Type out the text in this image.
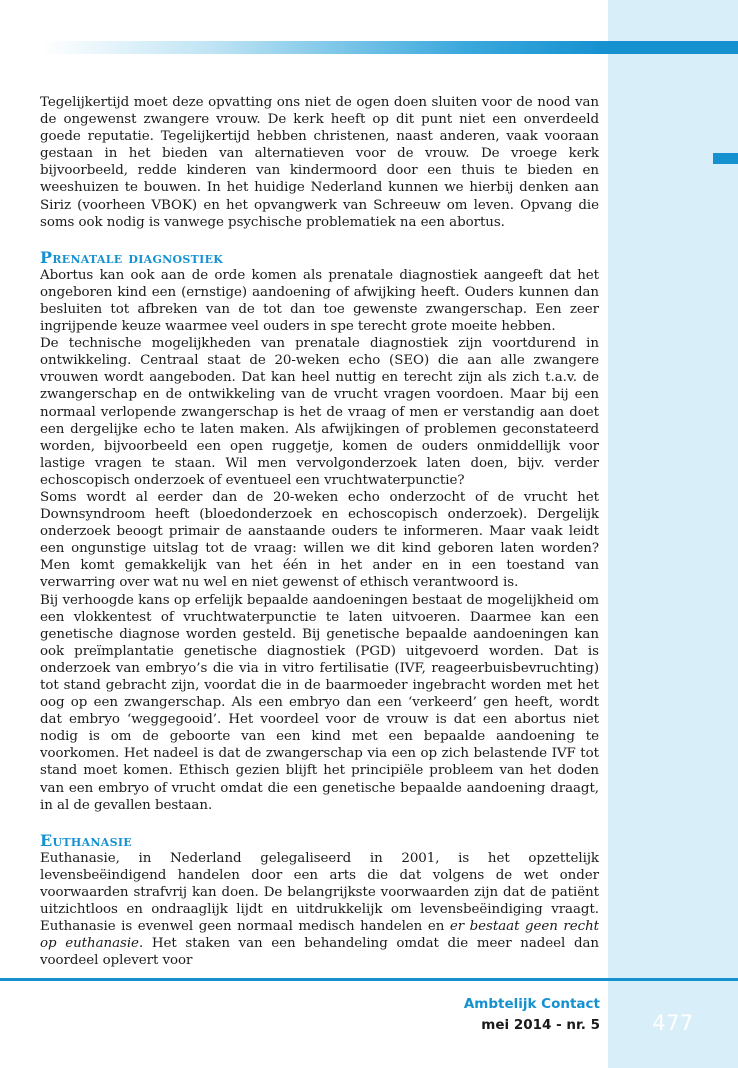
Tegelijkertijd moet deze opvatting ons niet de ogen doen sluiten voor de nood van de ongewenst zwangere vrouw. De kerk heeft op dit punt niet een onverdeeld goede reputatie. Tegelijkertijd hebben christenen, naast anderen, vaak vooraan gestaan in het bieden van alternatieven voor de vrouw. De vroege kerk bijvoorbeeld, redde kinderen van kindermoord door een thuis te bieden en weeshuizen te bouwen. In het huidige Nederland kunnen we hierbij denken aan Siriz (voorheen VBOK) en het opvangwerk van Schreeuw om leven. Opvang die soms ook nodig is vanwege psychische problematiek na een abortus.

Prenatale diagnostiek

Abortus kan ook aan de orde komen als prenatale diagnostiek aangeeft dat het ongeboren kind een (ernstige) aandoening of afwijking heeft. Ouders kunnen dan besluiten tot afbreken van de tot dan toe gewenste zwangerschap. Een zeer ingrijpende keuze waarmee veel ouders in spe terecht grote moeite hebben.

De technische mogelijkheden van prenatale diagnostiek zijn voortdurend in ontwikkeling. Centraal staat de 20-weken echo (SEO) die aan alle zwangere vrouwen wordt aangeboden. Dat kan heel nuttig en terecht zijn als zich t.a.v. de zwangerschap en de ontwikkeling van de vrucht vragen voordoen. Maar bij een normaal verlopende zwangerschap is het de vraag of men er verstandig aan doet een dergelijke echo te laten maken. Als afwijkingen of problemen geconstateerd worden, bijvoorbeeld een open ruggetje, komen de ouders onmiddellijk voor lastige vragen te staan. Wil men vervolgonderzoek laten doen, bijv. verder echoscopisch onderzoek of eventueel een vruchtwaterpunctie?

Soms wordt al eerder dan de 20-weken echo onderzocht of de vrucht het Downsyndroom heeft (bloedonderzoek en echoscopisch onderzoek). Dergelijk onderzoek beoogt primair de aanstaande ouders te informeren. Maar vaak leidt een ongunstige uitslag tot de vraag: willen we dit kind geboren laten worden? Men komt gemakkelijk van het één in het ander en in een toestand van verwarring over wat nu wel en niet gewenst of ethisch verantwoord is.

Bij verhoogde kans op erfelijk bepaalde aandoeningen bestaat de mogelijkheid om een vlokkentest of vruchtwaterpunctie te laten uitvoeren. Daarmee kan een genetische diagnose worden gesteld. Bij genetische bepaalde aandoeningen kan ook preïmplantatie genetische diagnostiek (PGD) uitgevoerd worden. Dat is onderzoek van embryo’s die via in vitro fertilisatie (IVF, reageerbuisbevruchting) tot stand gebracht zijn, voordat die in de baarmoeder ingebracht worden met het oog op een zwangerschap. Als een embryo dan een ‘verkeerd’ gen heeft, wordt dat embryo ‘weggegooid’. Het voordeel voor de vrouw is dat een abortus niet nodig is om de geboorte van een kind met een bepaalde aandoening te voorkomen. Het nadeel is dat de zwangerschap via een op zich belastende IVF tot stand moet komen. Ethisch gezien blijft het principiële probleem van het doden van een embryo of vrucht omdat die een genetische bepaalde aandoening draagt, in al de gevallen bestaan.

Euthanasie

Euthanasie, in Nederland gelegaliseerd in 2001, is het opzettelijk levensbeëindigend handelen door een arts die dat volgens de wet onder voorwaarden strafvrij kan doen. De belangrijkste voorwaarden zijn dat de patiënt uitzichtloos en ondraaglijk lijdt en uitdrukkelijk om levensbeëindiging vraagt. Euthanasie is evenwel geen normaal medisch handelen en er bestaat geen recht op euthanasie. Het staken van een behandeling omdat die meer nadeel dan voordeel oplevert voor

Ambtelijk Contact
mei 2014 - nr. 5	477
